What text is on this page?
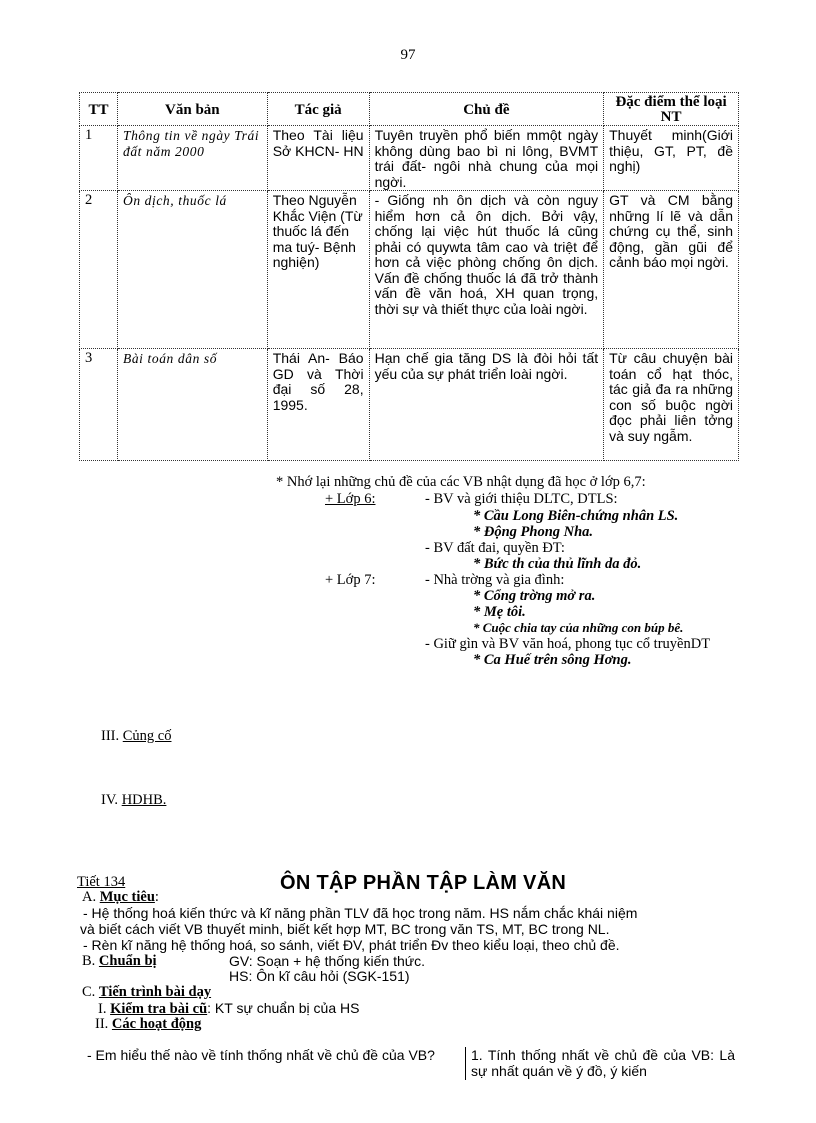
97
TT	Văn bản	Tác giả	Chủ đề	Đặc điểm thể loại NT
1	Thông tin về ngày Trái đất năm 2000	Theo Tài liệu Sở KHCN- HN	Tuyên truyền phổ biến mmột ngày không dùng bao bì ni lông, BVMT trái đất- ngôi nhà chung của mọi ngời.	Thuyết minh(Giới thiệu, GT, PT, đề nghị)
2	Ôn dịch, thuốc lá	Theo Nguyễn Khắc Viện (Từ thuốc lá đến ma tuý- Bệnh nghiện)	- Giống nh ôn dịch và còn nguy hiểm hơn cả ôn dịch. Bởi vậy, chống lại việc hút thuốc lá cũng phải có quywta tâm cao và triệt để hơn cả việc phòng chống ôn dịch. Vấn đề chống thuốc lá đã trở thành vấn đề văn hoá, XH quan trọng, thời sự và thiết thực của loài ngời.	GT và CM bằng những lí lẽ và dẫn chứng cụ thể, sinh động, gần gũi để cảnh báo mọi ngời.
3	Bài toán dân số	Thái An- Báo GD và Thời đại số 28, 1995.	Hạn chế gia tăng DS là đòi hỏi tất yếu của sự phát triển loài ngời.	Từ câu chuyện bài toán cổ hạt thóc, tác giả đa ra những con số buộc ngời đọc phải liên tởng và suy ngẫm.
* Nhớ lại những chủ đề của các VB nhật dụng đã học ở lớp 6,7:
+ Lớp 6:	- BV và giới thiệu DLTC, DTLS:
* Cầu Long Biên-chứng nhân LS.
* Động Phong Nha.
- BV đất đai, quyền ĐT:
* Bức th của thủ lĩnh da đỏ.
+ Lớp 7:	- Nhà trờng và gia đình:
* Cổng trờng mở ra.
* Mẹ tôi.
* Cuộc chia tay của những con búp bê.
- Giữ gìn và BV văn hoá, phong tục cổ truyềnDT
* Ca Huế trên sông Hơng.
III. Củng cố
IV. HDHB.
Tiết 134	ÔN TẬP PHẦN TẬP LÀM VĂN
A. Mục tiêu:
- Hệ thống hoá kiến thức và kĩ năng phần TLV đã học trong năm. HS nắm chắc khái niệm
và biết cách viết VB thuyết minh, biết kết hợp MT, BC trong văn TS, MT, BC trong NL.
- Rèn kĩ năng hệ thống hoá, so sánh, viết ĐV, phát triển Đv theo kiểu loại, theo chủ đề.
B. Chuẩn bị	GV: Soạn + hệ thống kiến thức.
HS: Ôn kĩ câu hỏi (SGK-151)
C. Tiến trình bài dạy
I. Kiểm tra bài cũ: KT sự chuẩn bị của HS
II. Các hoạt động
- Em hiểu thế nào về tính thống nhất về chủ đề của VB?	1. Tính thống nhất về chủ đề của VB: Là sự nhất quán về ý đồ, ý kiến
